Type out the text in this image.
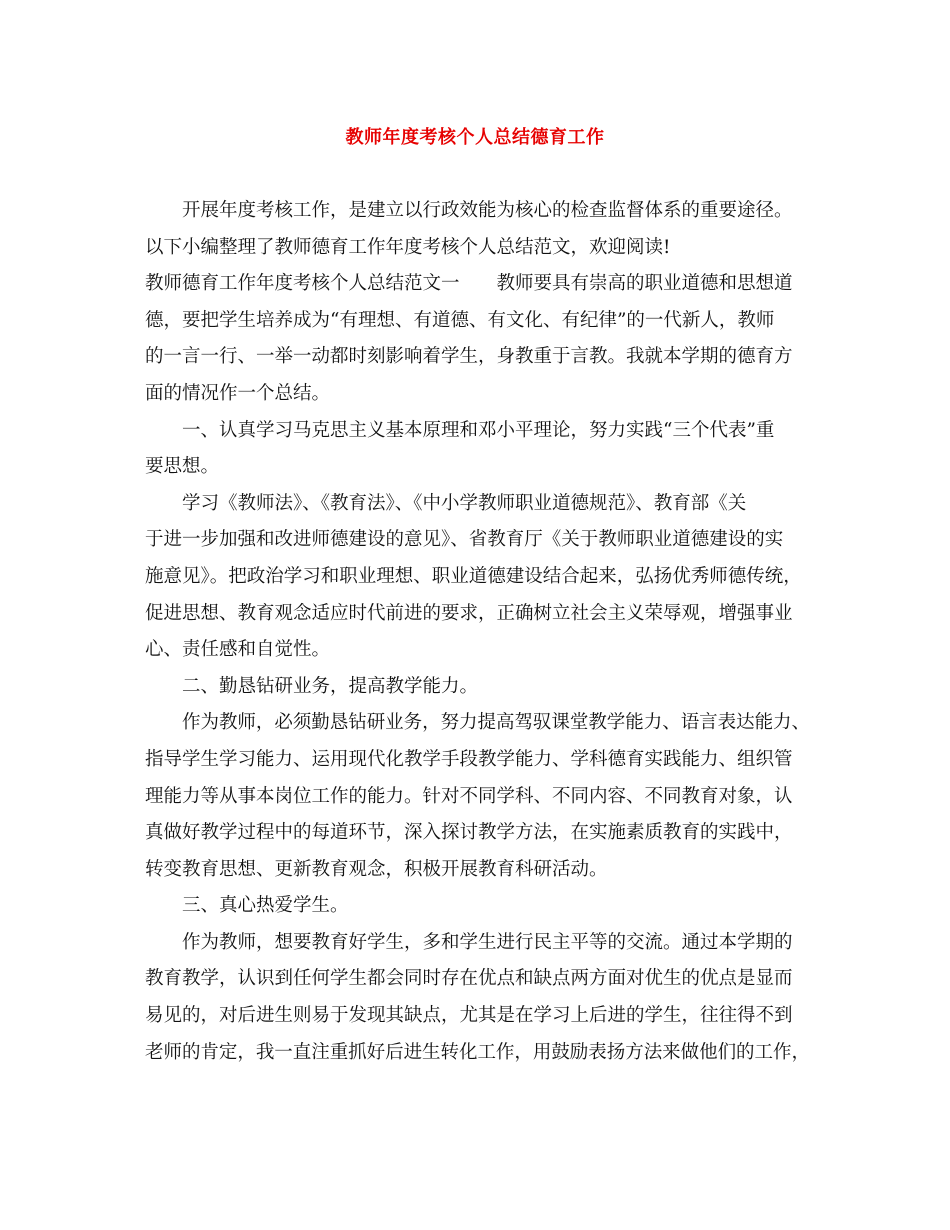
教师年度考核个人总结德育工作
开展年度考核工作，是建立以行政效能为核心的检查监督体系的重要途径。
以下小编整理了教师德育工作年度考核个人总结范文，欢迎阅读!
教师德育工作年度考核个人总结范文一　　教师要具有崇高的职业道德和思想道
德，要把学生培养成为“有理想、有道德、有文化、有纪律”的一代新人，教师
的一言一行、一举一动都时刻影响着学生，身教重于言教。我就本学期的德育方
面的情况作一个总结。
一、认真学习马克思主义基本原理和邓小平理论，努力实践“三个代表”重
要思想。
学习《教师法》、《教育法》、《中小学教师职业道德规范》、教育部《关
于进一步加强和改进师德建设的意见》、省教育厅《关于教师职业道德建设的实
施意见》。把政治学习和职业理想、职业道德建设结合起来，弘扬优秀师德传统，
促进思想、教育观念适应时代前进的要求，正确树立社会主义荣辱观，增强事业
心、责任感和自觉性。
二、勤恳钻研业务，提高教学能力。
作为教师，必须勤恳钻研业务，努力提高驾驭课堂教学能力、语言表达能力、
指导学生学习能力、运用现代化教学手段教学能力、学科德育实践能力、组织管
理能力等从事本岗位工作的能力。针对不同学科、不同内容、不同教育对象，认
真做好教学过程中的每道环节，深入探讨教学方法，在实施素质教育的实践中，
转变教育思想、更新教育观念，积极开展教育科研活动。
三、真心热爱学生。
作为教师，想要教育好学生，多和学生进行民主平等的交流。通过本学期的
教育教学，认识到任何学生都会同时存在优点和缺点两方面对优生的优点是显而
易见的，对后进生则易于发现其缺点，尤其是在学习上后进的学生，往往得不到
老师的肯定，我一直注重抓好后进生转化工作，用鼓励表扬方法来做他们的工作，
